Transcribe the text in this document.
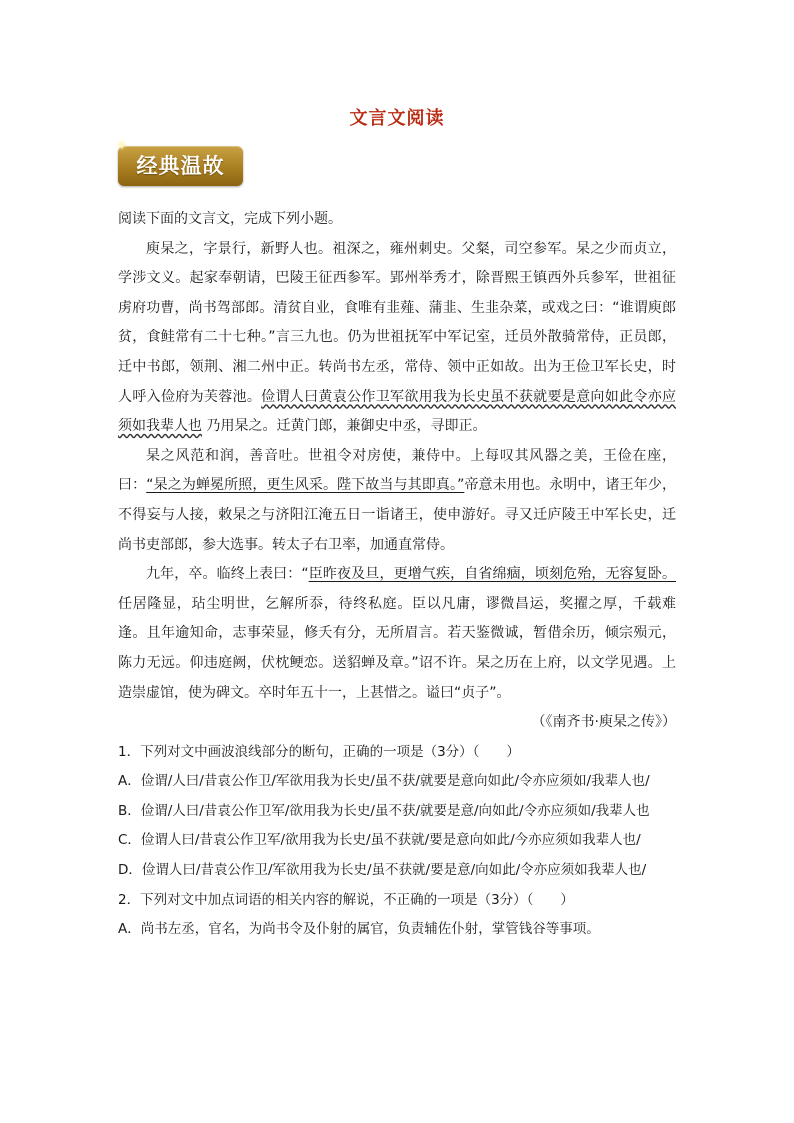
文言文阅读
✦
经典温故

阅读下面的文言文，完成下列小题。

庾杲之，字景行，新野人也。祖深之，雍州刺史。父粲，司空参军。杲之少而贞立，学涉文义。起家奉朝请，巴陵王征西参军。郢州举秀才，除晋熙王镇西外兵参军，世祖征虏府功曹，尚书驾部郎。清贫自业，食唯有韭薤、蒲韭、生韭杂菜，或戏之曰：“谁谓庾郎贫，食鲑常有二十七种。”言三九也。仍为世祖抚军中军记室，迁员外散骑常侍，正员郎，迁中书郎，领荆、湘二州中正。转尚书左丞，常侍、领中正如故。出为王俭卫军长史，时人呼入俭府为芙蓉池。俭谓人曰黄袁公作卫军欲用我为长史虽不获就要是意向如此令亦应须如我辈人也 乃用杲之。迁黄门郎，兼御史中丞，寻即正。

杲之风范和润，善音吐。世祖令对房使，兼侍中。上每叹其风器之美，王俭在座，曰：“杲之为蝉冕所照，更生风采。陛下故当与其即真。”帝意未用也。永明中，诸王年少，不得妄与人接，敕杲之与济阳江淹五日一诣诸王，使申游好。寻又迁庐陵王中军长史，迁尚书吏部郎，参大选事。转太子右卫率，加通直常侍。

九年，卒。临终上表曰：“臣昨夜及旦，更增气疾，自省绵痼，顷刻危殆，无容复卧。任居隆显，玷尘明世，乞解所忝，待终私庭。臣以凡庸，谬微昌运，奖擢之厚，千载难逢。且年逾知命，志事荣显，修夭有分，无所眉言。若天鉴微诚，暂借余历，倾宗殒元，陈力无远。仰违庭阙，伏枕鲠恋。送貂蝉及章。”诏不许。杲之历在上府，以文学见遇。上造崇虚馆，使为碑文。卒时年五十一，上甚惜之。谥曰“贞子”。

（《南齐书·庾杲之传》）

1．下列对文中画波浪线部分的断句，正确的一项是（3分）（　　）

A．俭谓/人曰/昔袁公作卫/军欲用我为长史/虽不获/就要是意向如此/令亦应须如/我辈人也/

B．俭谓/人曰/昔袁公作卫军/欲用我为长史/虽不获/就要是意/向如此/令亦应须如/我辈人也

C．俭谓人曰/昔袁公作卫军/欲用我为长史/虽不获就/要是意向如此/今亦应须如我辈人也/

D．俭谓人曰/昔袁公作卫/军欲用我为长史/虽不获就/要是意/向如此/令亦应须如我辈人也/

2．下列对文中加点词语的相关内容的解说，不正确的一项是（3分）（　　）

A．尚书左丞，官名，为尚书令及仆射的属官，负责辅佐仆射，掌管钱谷等事项。
